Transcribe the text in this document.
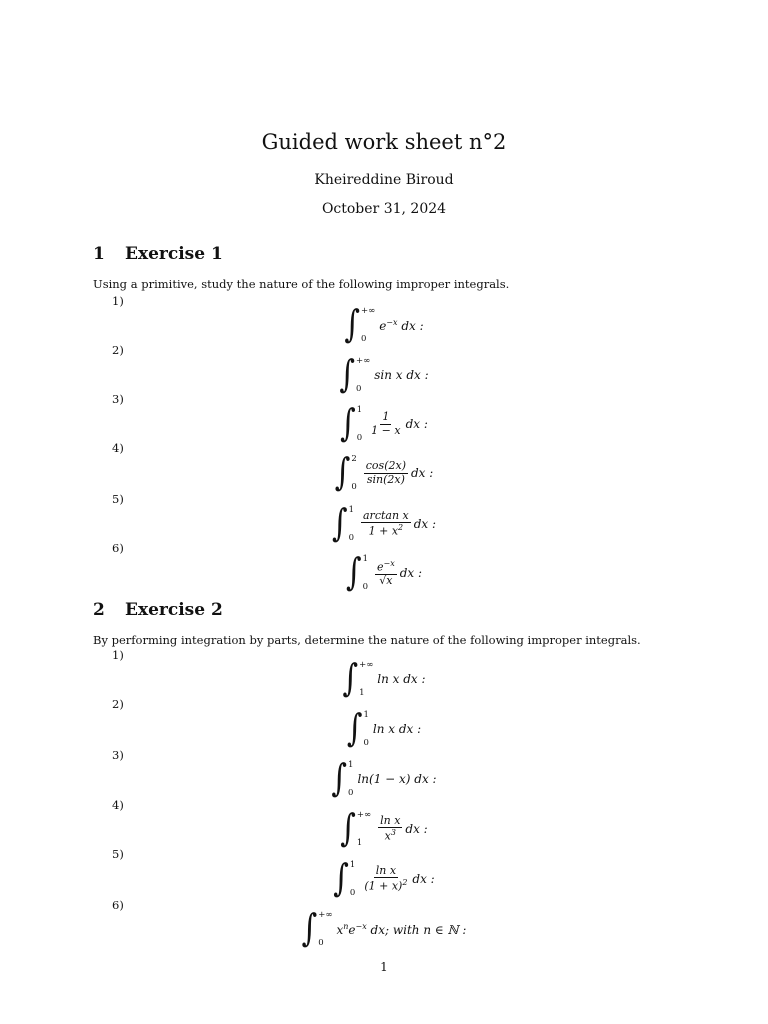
Guided work sheet n°2
Kheireddine Biroud
October 31, 2024
1 Exercise 1
Using a primitive, study the nature of the following improper integrals.
1)
∫ +∞
0
$e^{-x}$ dx :
2)
∫ +∞
0
sin x dx :
3)
∫ 1
0
$\frac{1}{1 - x}$ dx :
4)
∫ 2
0
$\frac{\cos(2x)}{\sin(2x)}$ dx :
5)
∫ 1
$0 \frac{\text{arctan x}}{1 + x^2}$ dx :
6)
∫ 1
$0 \frac{e^{-x}}{√x}$ dx :
2 Exercise 2
By performing integration by parts, determine the nature of the following improper integrals.
1)
∫ +∞
1
ln x dx :
2)
∫ 1
0
ln x dx :
3)
∫ 1
0
ln(1 − x) dx :
4)
∫ +∞
1	$\frac{\text{ln x}}{x^3}$ dx :
5)
∫ 1
$0 \frac{\text{ln x}}{(1 + x)^2}$ dx :
6)
∫ +∞
0
$x^ne^{-x}$ dx; with n ∈ ℕ :
1
